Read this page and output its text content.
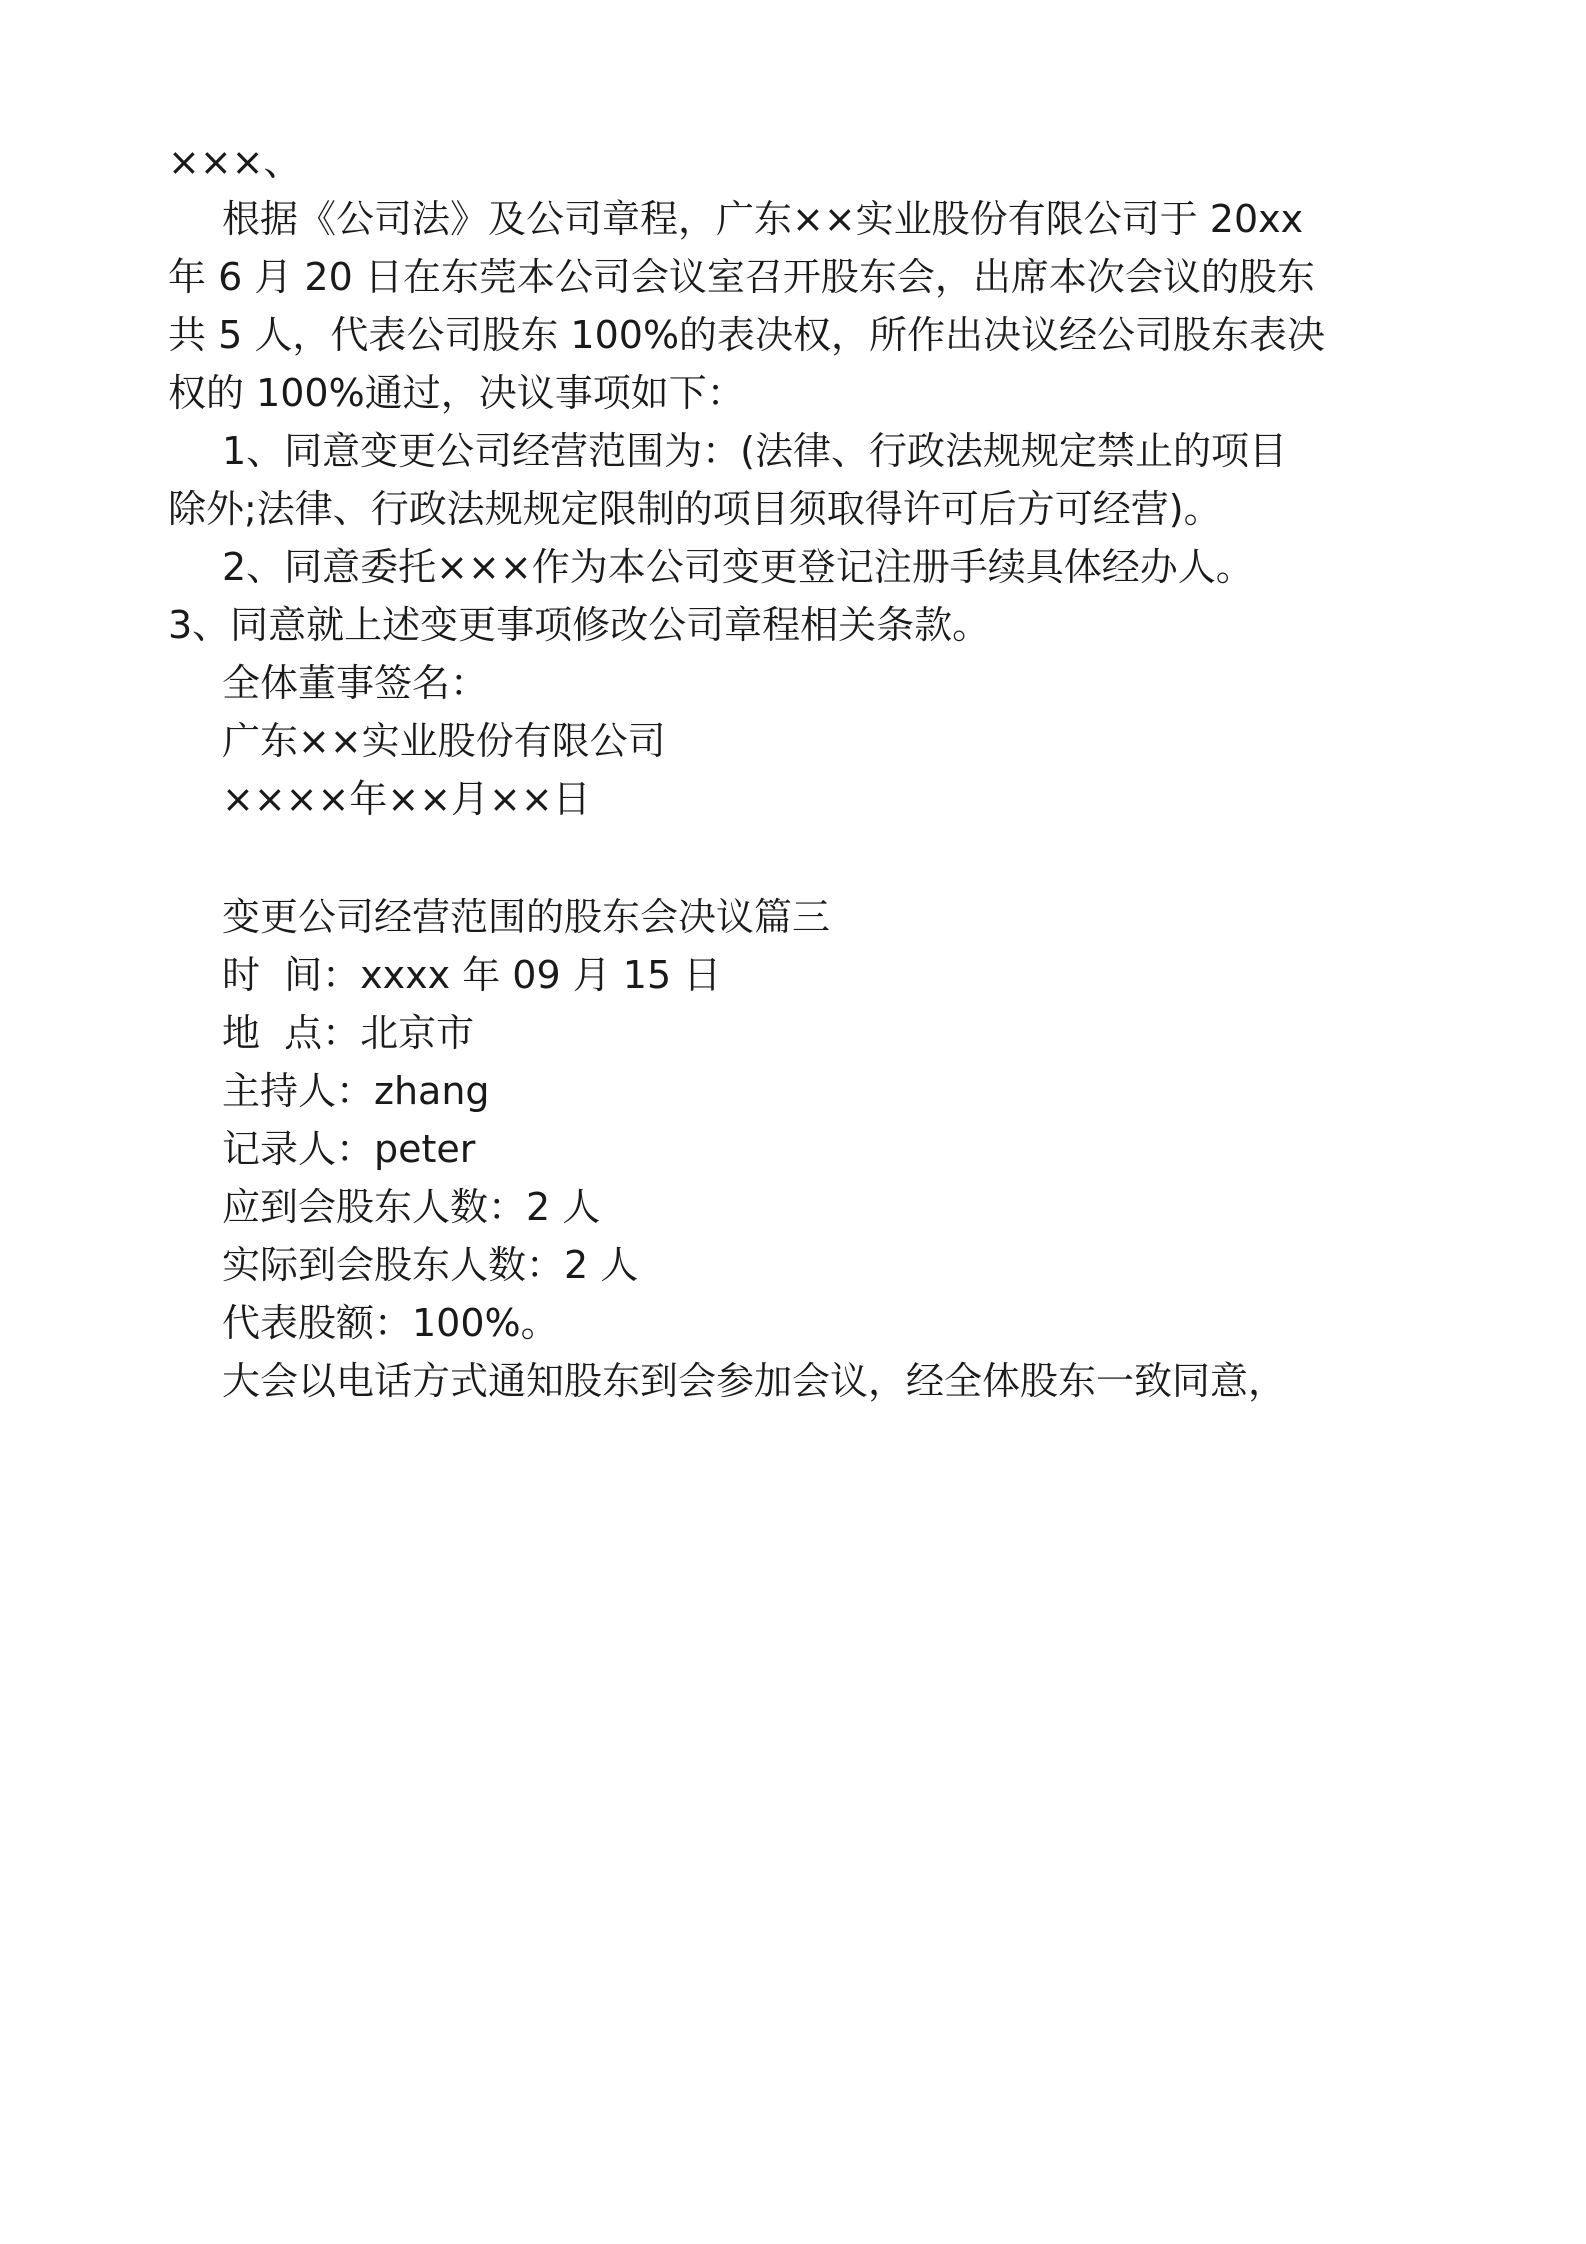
×××、
根据《公司法》及公司章程，广东××实业股份有限公司于 20xx
年 6 月 20 日在东莞本公司会议室召开股东会，出席本次会议的股东
共 5 人，代表公司股东 100%的表决权，所作出决议经公司股东表决
权的 100%通过，决议事项如下：
1、同意变更公司经营范围为：(法律、行政法规规定禁止的项目
除外;法律、行政法规规定限制的项目须取得许可后方可经营)。
2、同意委托×××作为本公司变更登记注册手续具体经办人。
3、同意就上述变更事项修改公司章程相关条款。
全体董事签名：
广东××实业股份有限公司
××××年××月××日
变更公司经营范围的股东会决议篇三
时  间：xxxx 年 09 月 15 日
地  点：北京市
主持人：zhang
记录人：peter
应到会股东人数：2 人
实际到会股东人数：2 人
代表股额：100%。
大会以电话方式通知股东到会参加会议，经全体股东一致同意，
